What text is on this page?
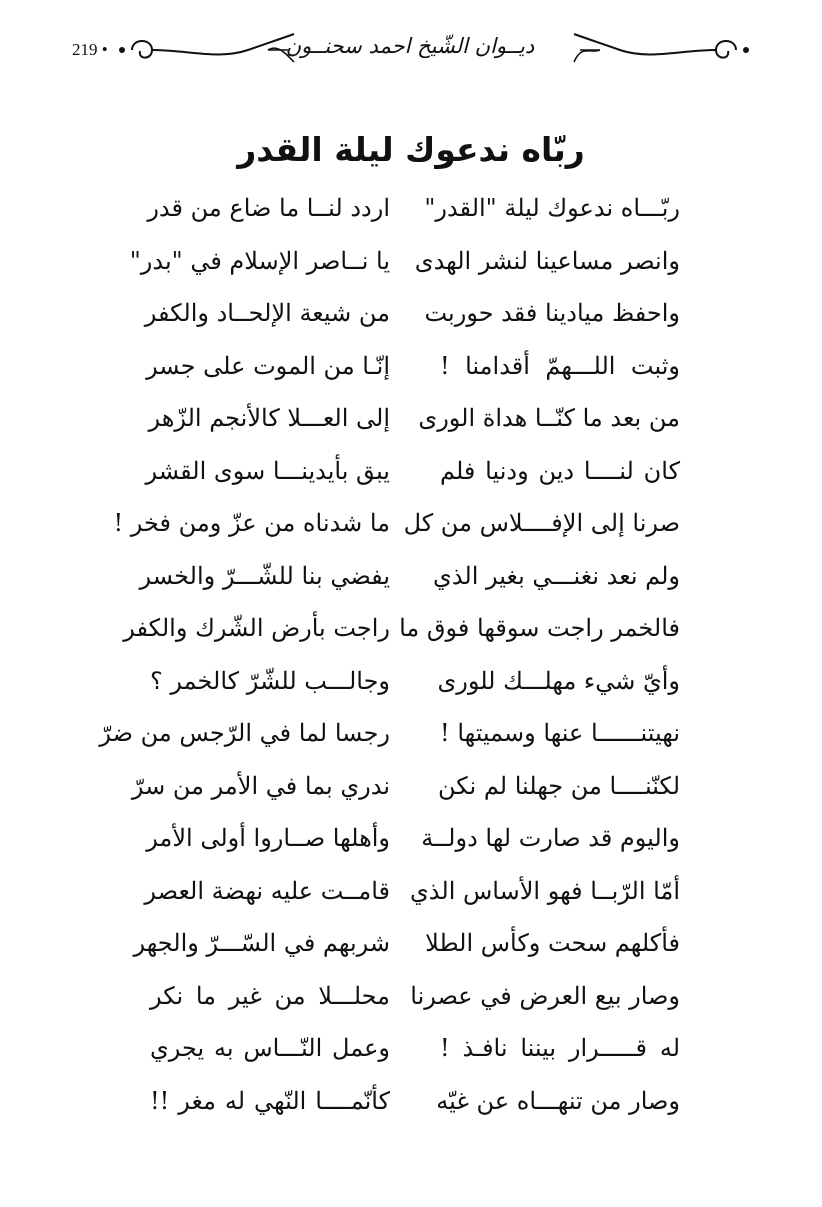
219 •	ديــوان الشّيخ احمد سحنــون
ربّاه ندعوك ليلة القدر
ربّـــاه ندعوك ليلة "القدر"
اردد لنــا ما ضاع من قدر
وانصر مساعينا لنشر الهدى
يا نــاصر الإسلام في "بدر"
واحفظ ميادينا فقد حوربت
من شيعة الإلحــاد والكفر
وثبت اللـــهمّ أقدامنا !
إنّـا من الموت على جسر
من بعد ما كنّــا هداة الورى
إلى العـــلا كالأنجم الزّهر
كان لنــــا دين ودنيا فلم
يبق بأيدينـــا سوى القشر
صرنا إلى الإفــــلاس من كل
ما شدناه من عزّ ومن فخر !
ولم نعد نغنـــي بغير الذي
يفضي بنا للشّـــرّ والخسر
فالخمر راجت سوقها فوق ما
راجت بأرض الشّرك والكفر
وأيّ شيء مهلـــك للورى
وجالـــب للشّرّ كالخمر ؟
نهيتنــــــا عنها وسميتها !
رجسا لما في الرّجس من ضرّ
لكنّنــــا من جهلنا لم نكن
ندري بما في الأمر من سرّ
واليوم قد صارت لها دولــة
وأهلها صــاروا أولى الأمر
أمّا الرّبــا فهو الأساس الذي
قامــت عليه نهضة العصر
فأكلهم سحت وكأس الطلا
شربهم في السّـــرّ والجهر
وصار بيع العرض في عصرنا
محلـــلا من غير ما نكر
له قـــــرار بيننا نافـذ !
وعمل النّـــاس به يجري
وصار من تنهـــاه عن غيّه
كأنّمــــا النّهي له مغر !!
